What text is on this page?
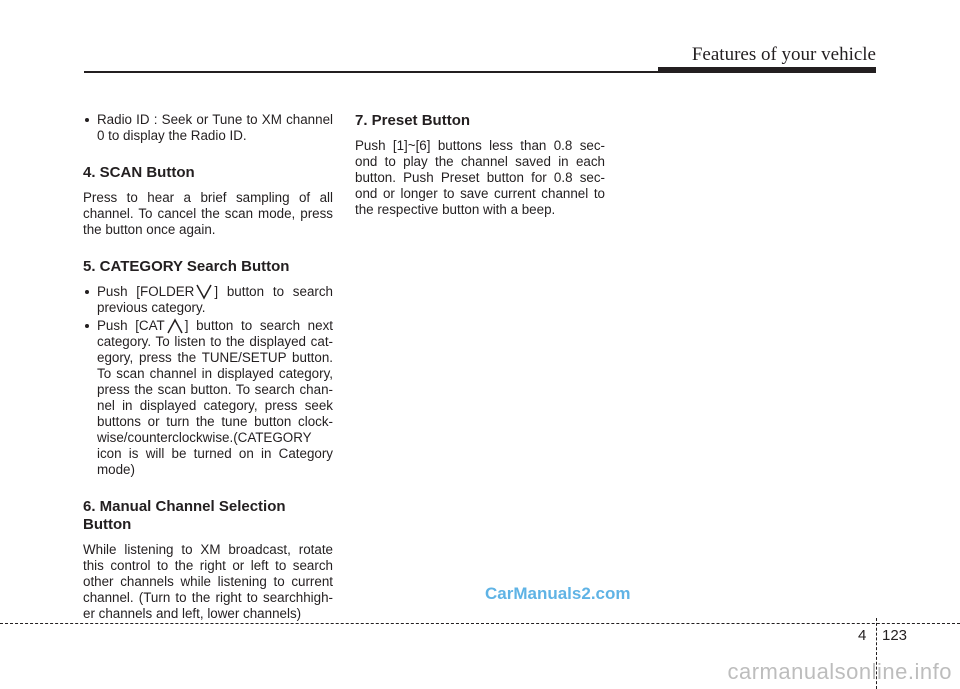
Features of your vehicle
Radio ID : Seek or Tune to XM channel 0 to display the Radio ID.
4. SCAN Button

Press to hear a brief sampling of all channel. To cancel the scan mode, press the button once again.

5. CATEGORY Search Button
Push [FOLDER ] button to search previous category.
Push [CAT ] button to search next category. To listen to the displayed cat- egory, press the TUNE/SETUP button. To scan channel in displayed category, press the scan button. To search chan- nel in displayed category, press seek buttons or turn the tune button clock- wise/counterclockwise.(CATEGORY icon is will be turned on in Category mode)
6. Manual Channel Selection Button

While listening to XM broadcast, rotate this control to the right or left to search other channels while listening to current channel. (Turn to the right to searchhigh- er channels and left, lower channels)

7. Preset Button

Push [1]~[6] buttons less than 0.8 sec- ond to play the channel saved in each button. Push Preset button for 0.8 sec- ond or longer to save current channel to the respective button with a beep.

CarManuals2.com
4 123
carmanualsonline.info
